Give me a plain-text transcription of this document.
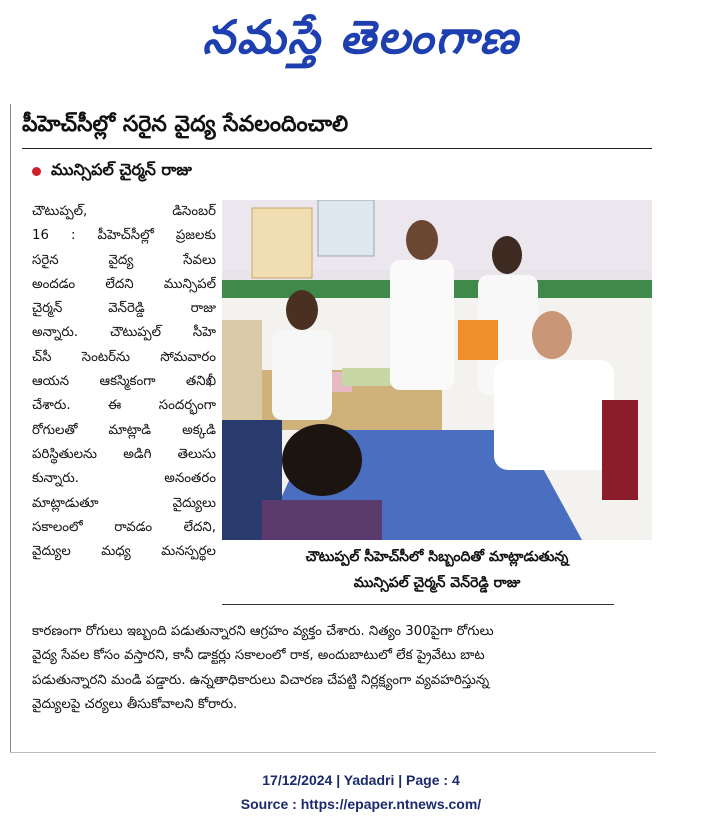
నమస్తే తెలంగాణ
పీహెచ్‌సీల్లో సరైన వైద్య సేవలందించాలి
మున్సిపల్ చైర్మన్ రాజు
చౌటుప్పల్, డిసెంబర్
16 : పీహెచ్‌సీల్లో ప్రజలకు
సరైన వైద్య సేవలు
అందడం లేదని మున్సిపల్
చైర్మన్ వెన్‌రెడ్డి రాజు
అన్నారు. చౌటుప్పల్ సీహె
చ్‌సీ సెంటర్‌ను సోమవారం
ఆయన ఆకస్మికంగా తనిఖీ
చేశారు. ఈ సందర్భంగా
రోగులతో మాట్లాడి అక్కడి
పరిస్థితులను అడిగి తెలుసు
కున్నారు. అనంతరం
మాట్లాడుతూ వైద్యులు
సకాలంలో రావడం లేదని,
వైద్యుల మధ్య మనస్పర్థల	చౌటుప్పల్ సీహెచ్‌సీలో సిబ్బందితో మాట్లాడుతున్న
మున్సిపల్ చైర్మన్ వెన్‌రెడ్డి రాజు
కారణంగా రోగులు ఇబ్బంది పడుతున్నారని ఆగ్రహం వ్యక్తం చేశారు. నిత్యం 300పైగా రోగులు
వైద్య సేవల కోసం వస్తారని, కానీ డాక్టర్లు సకాలంలో రాక, అందుబాటులో లేక ప్రైవేటు బాట
పడుతున్నారని మండి పడ్డారు. ఉన్నతాధికారులు విచారణ చేపట్టి నిర్లక్ష్యంగా వ్యవహరిస్తున్న
వైద్యులపై చర్యలు తీసుకోవాలని కోరారు.
17/12/2024 | Yadadri | Page : 4
Source : https://epaper.ntnews.com/
